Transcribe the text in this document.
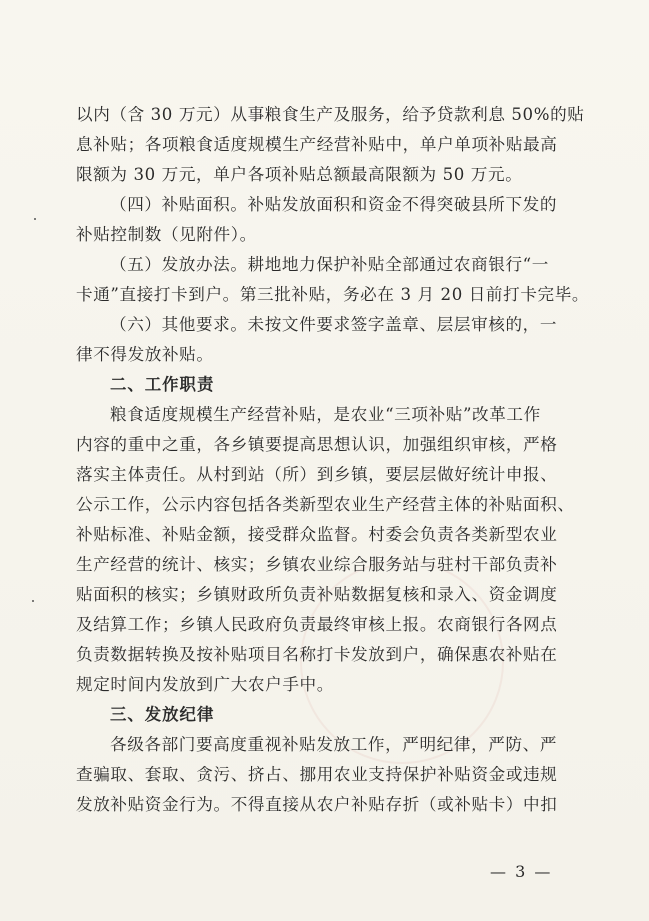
以内（含 30 万元）从事粮食生产及服务，给予贷款利息 50%的贴
息补贴；各项粮食适度规模生产经营补贴中，单户单项补贴最高
限额为 30 万元，单户各项补贴总额最高限额为 50 万元。
（四）补贴面积。补贴发放面积和资金不得突破县所下发的
补贴控制数（见附件）。
（五）发放办法。耕地地力保护补贴全部通过农商银行“一
卡通”直接打卡到户。第三批补贴，务必在 3 月 20 日前打卡完毕。
（六）其他要求。未按文件要求签字盖章、层层审核的，一
律不得发放补贴。
二、工作职责
粮食适度规模生产经营补贴，是农业“三项补贴”改革工作
内容的重中之重，各乡镇要提高思想认识，加强组织审核，严格
落实主体责任。从村到站（所）到乡镇，要层层做好统计申报、
公示工作，公示内容包括各类新型农业生产经营主体的补贴面积、
补贴标准、补贴金额，接受群众监督。村委会负责各类新型农业
生产经营的统计、核实；乡镇农业综合服务站与驻村干部负责补
贴面积的核实；乡镇财政所负责补贴数据复核和录入、资金调度
及结算工作；乡镇人民政府负责最终审核上报。农商银行各网点
负责数据转换及按补贴项目名称打卡发放到户，确保惠农补贴在
规定时间内发放到广大农户手中。
三、发放纪律
各级各部门要高度重视补贴发放工作，严明纪律，严防、严
查骗取、套取、贪污、挤占、挪用农业支持保护补贴资金或违规
发放补贴资金行为。不得直接从农户补贴存折（或补贴卡）中扣
— 3 —
